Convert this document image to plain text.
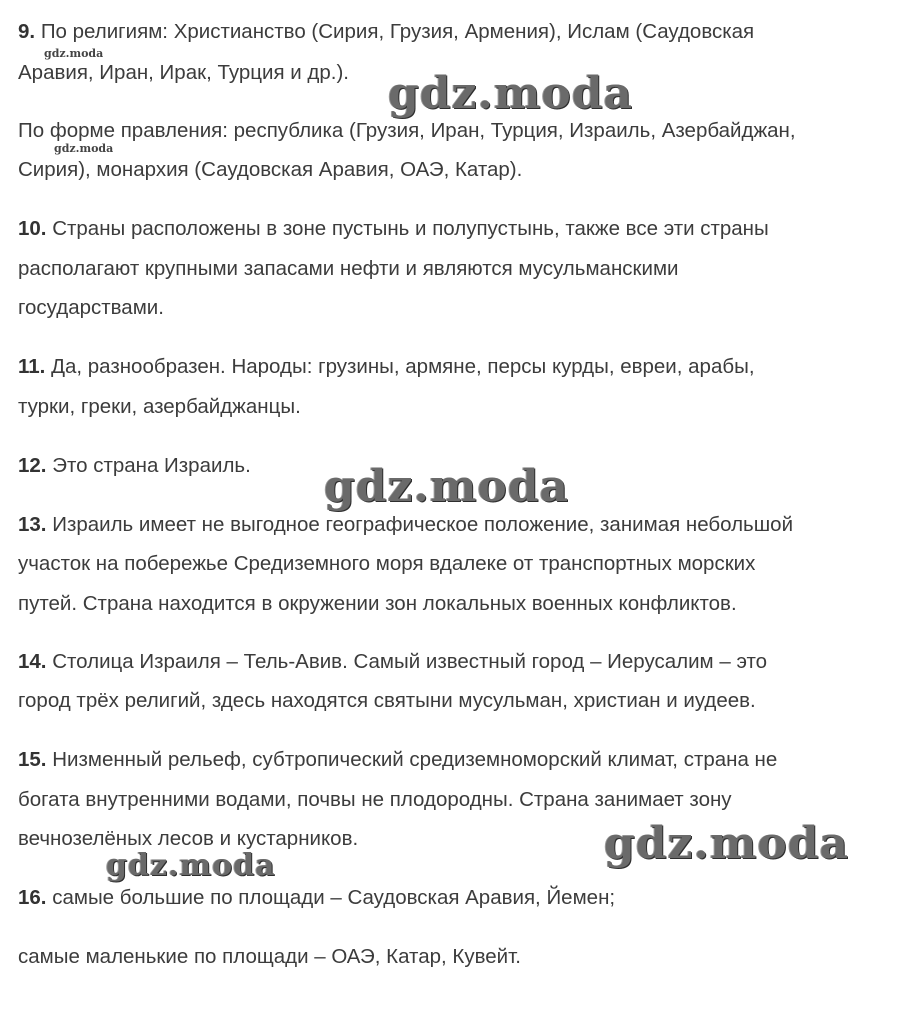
9. По религиям: Христианство (Сирия, Грузия, Армения), Ислам (Саудовская
Аравия, Иран, Ирак, Турция и др.).
По форме правления: республика (Грузия, Иран, Турция, Израиль, Азербайджан,
Сирия), монархия (Саудовская Аравия, ОАЭ, Катар).
10. Страны расположены в зоне пустынь и полупустынь, также все эти страны
располагают крупными запасами нефти и являются мусульманскими
государствами.
11. Да, разнообразен. Народы: грузины, армяне, персы курды, евреи, арабы,
турки, греки, азербайджанцы.
12. Это страна Израиль.
13. Израиль имеет не выгодное географическое положение, занимая небольшой
участок на побережье Средиземного моря вдалеке от транспортных морских
путей. Страна находится в окружении зон локальных военных конфликтов.
14. Столица Израиля – Тель-Авив. Самый известный город – Иерусалим – это
город трёх религий, здесь находятся святыни мусульман, христиан и иудеев.
15. Низменный рельеф, субтропический средиземноморский климат, страна не
богата внутренними водами, почвы не плодородны. Страна занимает зону
вечнозелёных лесов и кустарников.
16. самые большие по площади – Саудовская Аравия, Йемен;
самые маленькие по площади – ОАЭ, Катар, Кувейт.
gdz.moda
gdz.moda
gdz.moda
gdz.moda
gdz.moda
gdz.moda
